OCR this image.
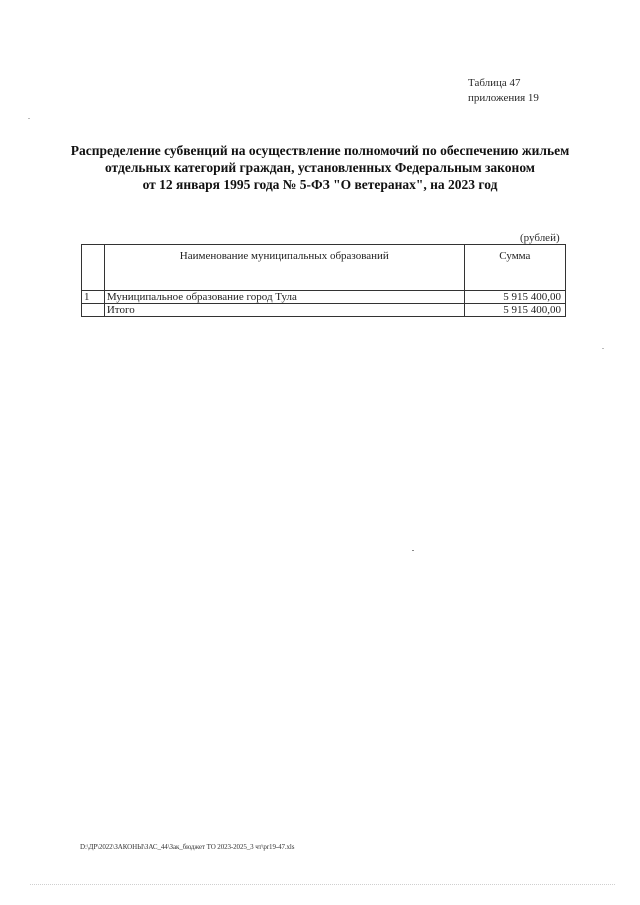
Таблица 47
приложения 19
Распределение субвенций на осуществление полномочий по обеспечению жильем
отдельных категорий граждан, установленных Федеральным законом
от 12 января 1995 года № 5-ФЗ "О ветеранах", на 2023 год
(рублей)
	Наименование муниципальных образований	Сумма
1	Муниципальное образование город Тула	5 915 400,00
	Итого	5 915 400,00
D:\ДР\2022\ЗАКОНЫ\ЗАС_44\Зак_бюджет ТО 2023-2025_3 чт\pr19-47.xls
